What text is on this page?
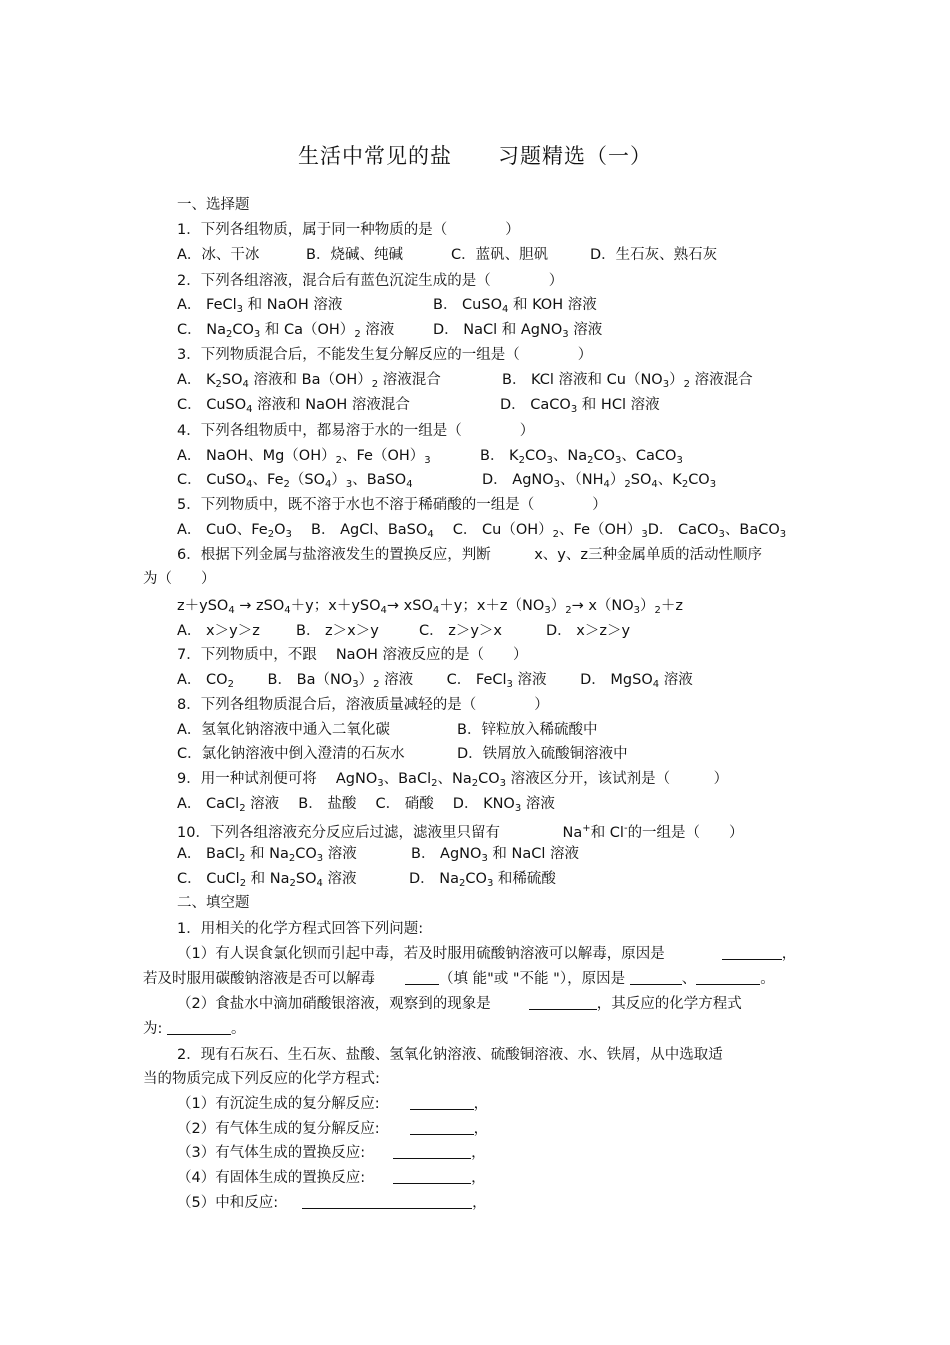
生活中常见的盐 习题精选（一）
一、选择题
1．下列各组物质，属于同一种物质的是（　　　　）
A．冰、干冰	B．烧碱、纯碱	C．蓝矾、胆矾	D．生石灰、熟石灰
2．下列各组溶液，混合后有蓝色沉淀生成的是（　　　　）
A． FeCl$_3$ 和 NaOH 溶液	B． CuSO$_4$ 和 KOH 溶液
C． $Na_2CO_3$ 和 $Ca(OH)_2$ 溶液	D． NaCl 和 AgNO$_3$ 溶液
3．下列物质混合后，不能发生复分解反应的一组是（　　　　）
A． $K_2SO_4$ 溶液和 $Ba(OH)_2$ 溶液混合	B． KCl 溶液和 $Cu(NO_3)_2$ 溶液混合
C． CuSO$_4$ 溶液和 NaOH 溶液混合	D． CaCO$_3$ 和 HCl 溶液
4．下列各组物质中，都易溶于水的一组是（　　　　）
A． NaOH、$Mg(OH)_2$、$Fe(OH)_3$	B． $K_2CO_3$、$Na_2CO_3$、CaCO$_3$
C． CuSO$_4$、$Fe_2(SO_4)_3$、BaSO$_4$	D． AgNO$_3$、$(NH_4)_2SO_4$、$K_2CO_3$
5．下列物质中，既不溶于水也不溶于稀硝酸的一组是（　　　　）
A． CuO、$Fe_2O_3$　 B． AgCl、BaSO$_4$　 C． $Cu(OH)_2$、$Fe(OH)_3D$． CaCO$_3$、BaCO$_3$
6．根据下列金属与盐溶液发生的置换反应，判断　　　x、y、z三种金属单质的活动性顺序
为（　　）
z＋ySO$_4$ → zSO$_4$＋y；x＋ySO$_4$→ xSO$_4$＋y；$x+z(NO_3)_2\to x(NO_3)_2+z$
A． x＞y＞z B． z＞x＞y	C． z＞y＞x	D． x＞z＞y
7．下列物质中，不跟　 NaOH 溶液反应的是（　　）
A． $CO_2$　　 B． $Ba(NO_3)_2$ 溶液　　 C． FeCl$_3$ 溶液　　 D． MgSO$_4$ 溶液
8．下列各组物质混合后，溶液质量减轻的是（　　　　）
A．氢氧化钠溶液中通入二氧化碳	B．锌粒放入稀硫酸中
C．氯化钠溶液中倒入澄清的石灰水	D．铁屑放入硫酸铜溶液中
9．用一种试剂便可将　 AgNO$_3$、BaCl$_2$、$Na_2CO_3$ 溶液区分开，该试剂是（　　　）
A． CaCl$_2$ 溶液　 B． 盐酸　 C． 硝酸　 D． $KNO_3$ 溶液
10．下列各组溶液充分反应后过滤，滤液里只留有　　　　 Na+和 Cl-的一组是（　　）
A． BaCl$_2$ 和 $Na_2CO_3$ 溶液	B． AgNO$_3$ 和 NaCl 溶液
C． CuCl$_2$ 和 $Na_2SO_4$ 溶液	D． $Na_2CO_3$ 和稀硫酸
二、填空题
1．用相关的化学方程式回答下列问题:
（1）有人误食氯化钡而引起中毒，若及时服用硫酸钠溶液可以解毒，原因是	，
若及时服用碳酸钠溶液是否可以解毒	（填 能"或 "不能 "），原因是	、	。
（2）食盐水中滴加硝酸银溶液，观察到的现象是	，其反应的化学方程式
为:	。
2．现有石灰石、生石灰、盐酸、氢氧化钠溶液、硫酸铜溶液、水、铁屑，从中选取适
当的物质完成下列反应的化学方程式:
（1）有沉淀生成的复分解反应:	，
（2）有气体生成的复分解反应:	，
（3）有气体生成的置换反应:	，
（4）有固体生成的置换反应:	，
（5）中和反应:	，
